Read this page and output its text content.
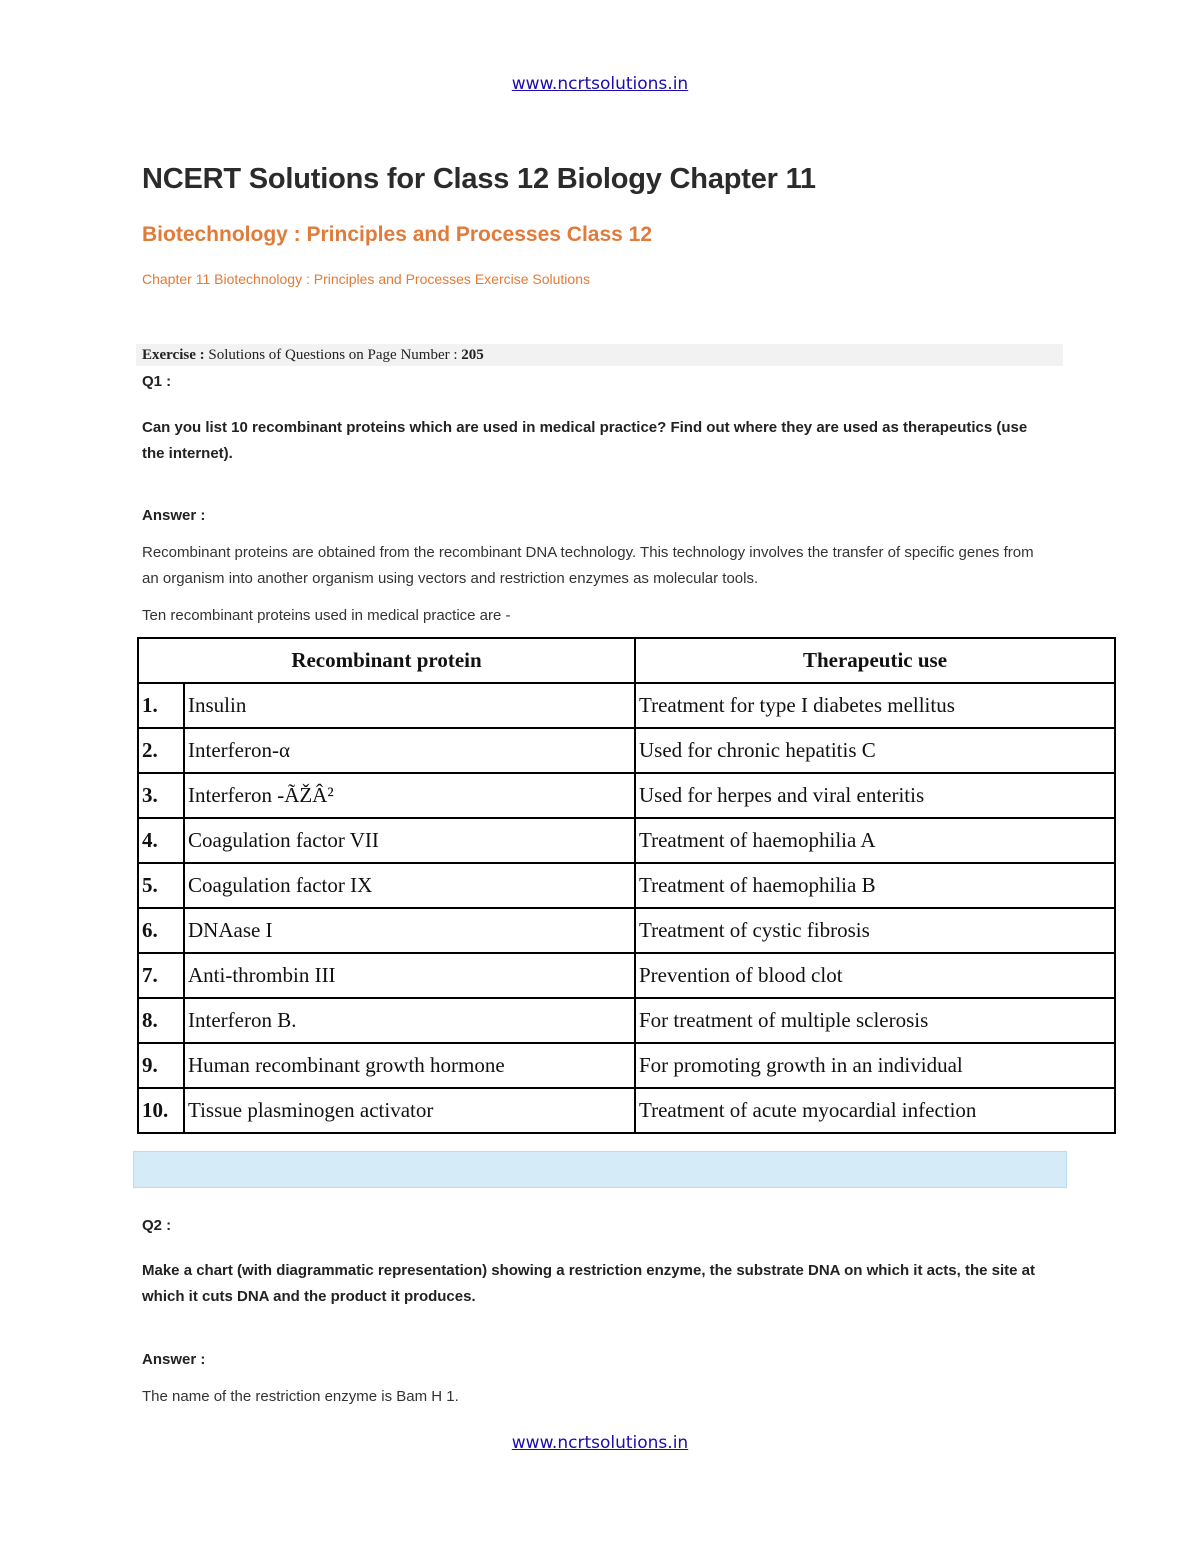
www.ncrtsolutions.in
NCERT Solutions for Class 12 Biology Chapter 11
Biotechnology : Principles and Processes Class 12

Chapter 11 Biotechnology : Principles and Processes Exercise Solutions

Exercise : Solutions of Questions on Page Number : 205
Q1 :
Can you list 10 recombinant proteins which are used in medical practice? Find out where they are used as therapeutics (use the internet).
Answer :
Recombinant proteins are obtained from the recombinant DNA technology. This technology involves the transfer of specific genes from an organism into another organism using vectors and restriction enzymes as molecular tools.
Ten recombinant proteins used in medical practice are -
Recombinant protein		Therapeutic use
1.	Insulin	Treatment for type I diabetes mellitus
2.	Interferon-α	Used for chronic hepatitis C
3.	Interferon -ÃŽÂ²	Used for herpes and viral enteritis
4.	Coagulation factor VII	Treatment of haemophilia A
5.	Coagulation factor IX	Treatment of haemophilia B
6.	DNAase I	Treatment of cystic fibrosis
7.	Anti-thrombin III	Prevention of blood clot
8.	Interferon B.	For treatment of multiple sclerosis
9.	Human recombinant growth hormone	For promoting growth in an individual
10.	Tissue plasminogen activator	Treatment of acute myocardial infection
Q2 :
Make a chart (with diagrammatic representation) showing a restriction enzyme, the substrate DNA on which it acts, the site at which it cuts DNA and the product it produces.
Answer :
The name of the restriction enzyme is Bam H 1.
www.ncrtsolutions.in
